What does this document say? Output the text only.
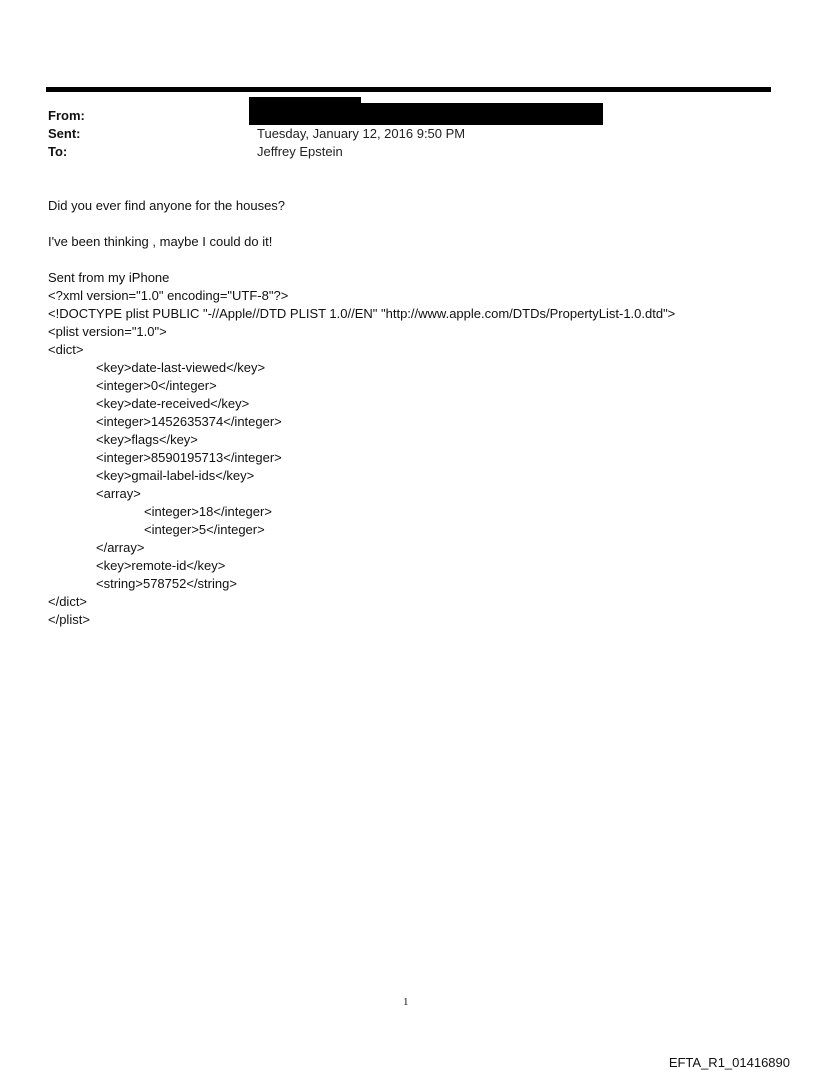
From:
Sent:
To:
Tuesday, January 12, 2016 9:50 PM
Jeffrey Epstein
Did you ever find anyone for the houses?
I've been thinking , maybe I could do it!
Sent from my iPhone
<?xml version="1.0" encoding="UTF-8"?>
<!DOCTYPE plist PUBLIC "-//Apple//DTD PLIST 1.0//EN" "http://www.apple.com/DTDs/PropertyList-1.0.dtd">
<plist version="1.0">
<dict>
<key>date-last-viewed</key>
<integer>0</integer>
<key>date-received</key>
<integer>1452635374</integer>
<key>flags</key>
<integer>8590195713</integer>
<key>gmail-label-ids</key>
<array>
<integer>18</integer>
<integer>5</integer>
</array>
<key>remote-id</key>
<string>578752</string>
</dict>
</plist>
1
EFTA_R1_01416890
